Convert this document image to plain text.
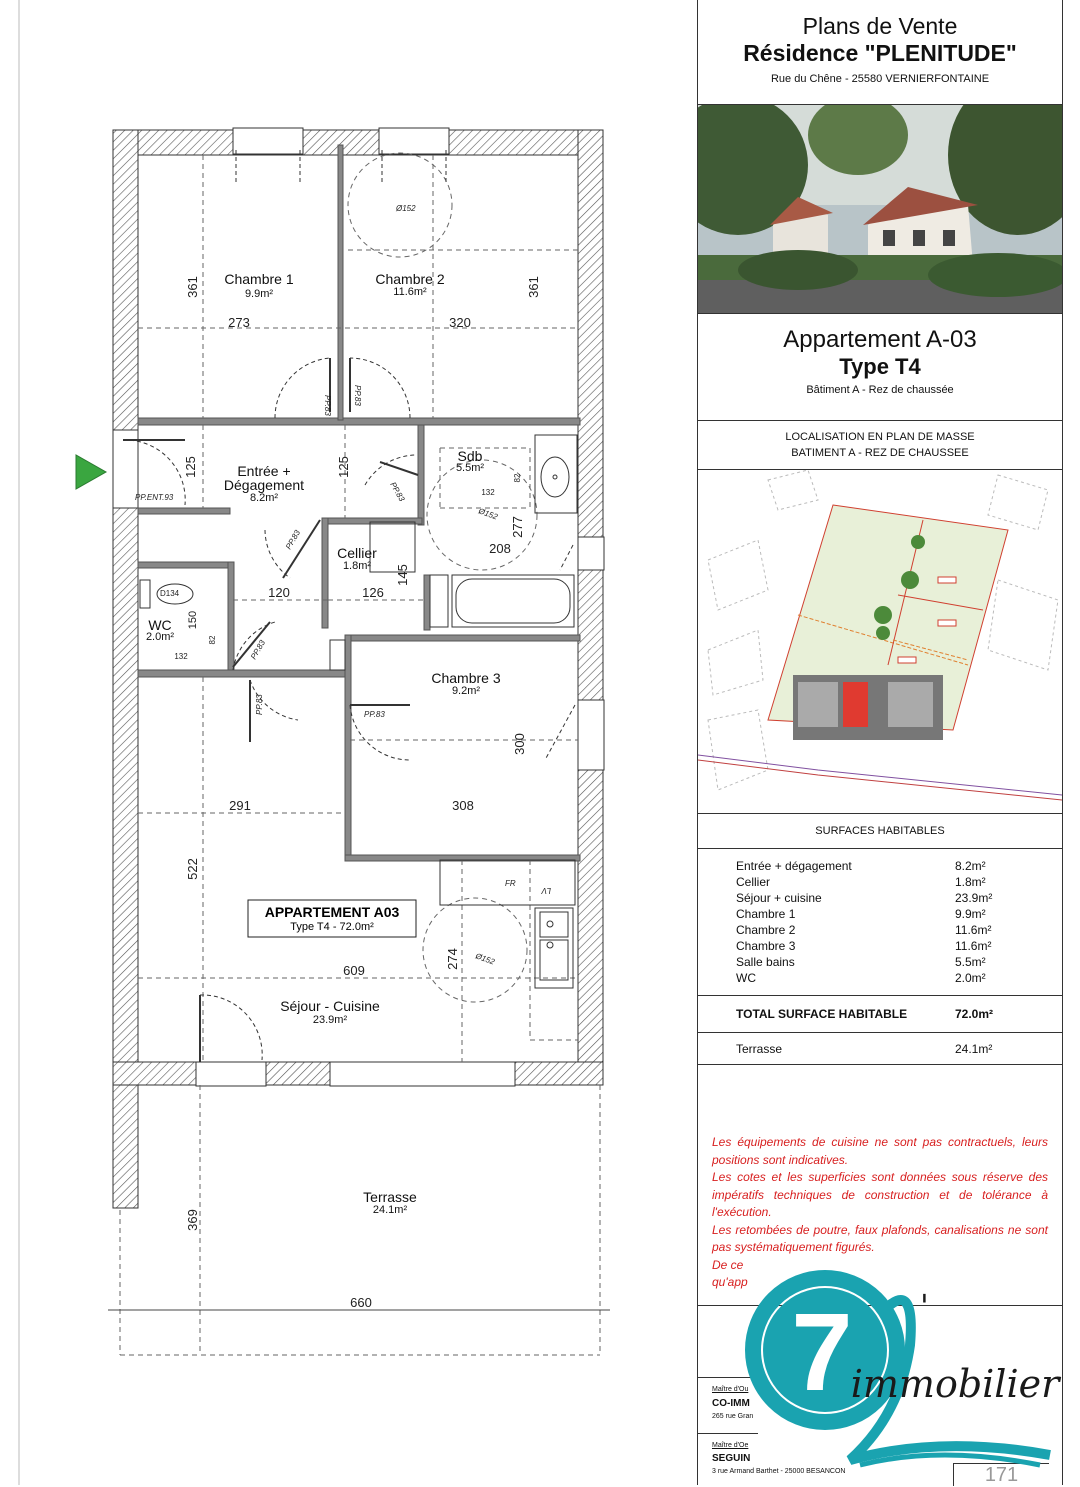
Chambre 1
9.9m²
Chambre 2
11.6m²
Entrée +
Dégagement
8.2m²
Sdb
5.5m²
Cellier
1.8m²
WC
2.0m²
Chambre 3
9.2m²
Séjour - Cuisine
23.9m²
Terrasse
24.1m²
361
273	320
361
125	125
208
277
120	126
145
150
82
132
132
82
300
291	308
522
609
274
369
660
PP.83	PP.83
PP.ENT.93	PP.83
PP.83
PP.83
PP.83	PP.83
D134
FR
LV
Ø152
Ø152
Ø152
APPARTEMENT A03
Type T4 - 72.0m²
Plans de Vente
Résidence "PLENITUDE"
Rue du Chêne - 25580 VERNIERFONTAINE
Appartement A-03
Type T4
Bâtiment A - Rez de chaussée
LOCALISATION EN PLAN DE MASSE
BATIMENT A - REZ DE CHAUSSEE
SURFACES HABITABLES
Entrée + dégagement	8.2m²
Cellier	1.8m²
Séjour + cuisine	23.9m²
Chambre 1	9.9m²
Chambre 2	11.6m²
Chambre 3	11.6m²
Salle bains	5.5m²
WC	2.0m²
TOTAL SURFACE HABITABLE	72.0m²
Terrasse	24.1m²
Les équipements de cuisine ne sont pas contractuels, leurs positions sont indicatives.
Les cotes et les superficies sont données sous réserve des impératifs techniques de construction et de tolérance à l'exécution.
Les retombées de poutre, faux plafonds, canalisations ne sont pas systématiquement figurés.
De ce
qu'app
Maître d'Ou
CO-IMM
265 rue Gran
Maître d'Oe
SEGUIN
3 rue Armand Barthet - 25000 BESANCON	171
7
immobilier
'
